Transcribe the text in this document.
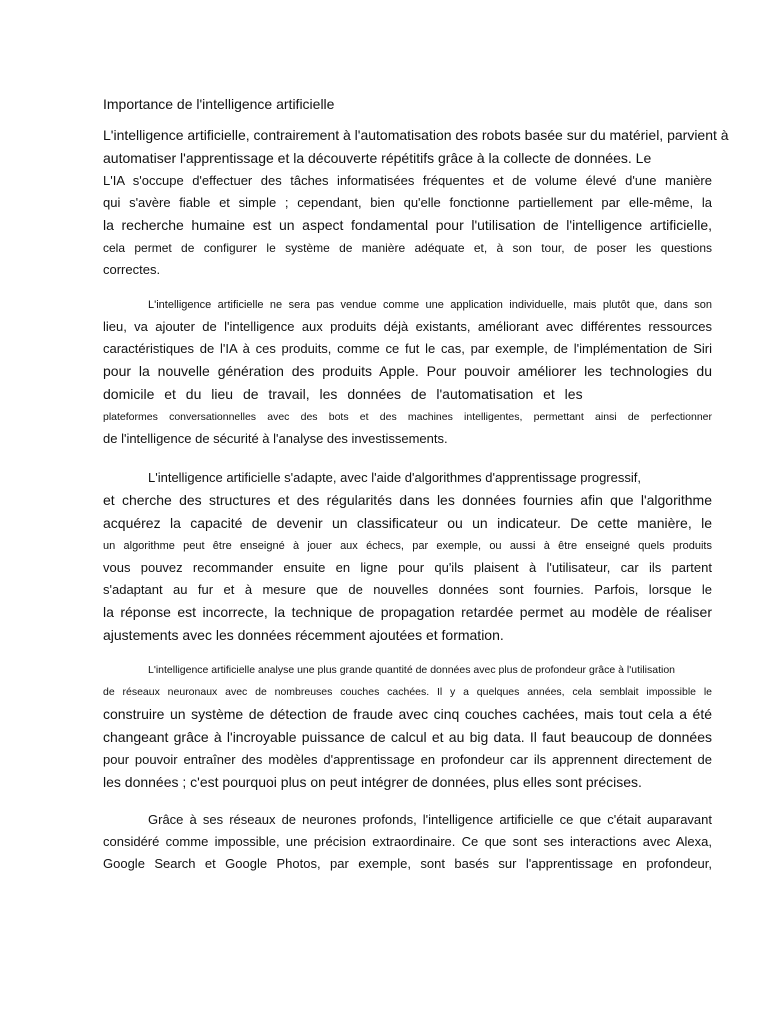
Importance de l'intelligence artificielle
L'intelligence artificielle, contrairement à l'automatisation des robots basée sur du matériel, parvient à
automatiser l'apprentissage et la découverte répétitifs grâce à la collecte de données. Le
L'IA s'occupe d'effectuer des tâches informatisées fréquentes et de volume élevé d'une manière
qui s'avère fiable et simple ; cependant, bien qu'elle fonctionne partiellement par elle-même, la
la recherche humaine est un aspect fondamental pour l'utilisation de l'intelligence artificielle,
cela permet de configurer le système de manière adéquate et, à son tour, de poser les questions
correctes.
L'intelligence artificielle ne sera pas vendue comme une application individuelle, mais plutôt que, dans son
lieu, va ajouter de l'intelligence aux produits déjà existants, améliorant avec différentes ressources
caractéristiques de l'IA à ces produits, comme ce fut le cas, par exemple, de l'implémentation de Siri
pour la nouvelle génération des produits Apple. Pour pouvoir améliorer les technologies du
domicile et du lieu de travail, les données de l'automatisation et les
plateformes conversationnelles avec des bots et des machines intelligentes, permettant ainsi de perfectionner
de l'intelligence de sécurité à l'analyse des investissements.
L'intelligence artificielle s'adapte, avec l'aide d'algorithmes d'apprentissage progressif,
et cherche des structures et des régularités dans les données fournies afin que l'algorithme
acquérez la capacité de devenir un classificateur ou un indicateur. De cette manière, le
un algorithme peut être enseigné à jouer aux échecs, par exemple, ou aussi à être enseigné quels produits
vous pouvez recommander ensuite en ligne pour qu'ils plaisent à l'utilisateur, car ils partent
s'adaptant au fur et à mesure que de nouvelles données sont fournies. Parfois, lorsque le
la réponse est incorrecte, la technique de propagation retardée permet au modèle de réaliser
ajustements avec les données récemment ajoutées et formation.
L'intelligence artificielle analyse une plus grande quantité de données avec plus de profondeur grâce à l'utilisation
de réseaux neuronaux avec de nombreuses couches cachées. Il y a quelques années, cela semblait impossible le
construire un système de détection de fraude avec cinq couches cachées, mais tout cela a été
changeant grâce à l'incroyable puissance de calcul et au big data. Il faut beaucoup de données
pour pouvoir entraîner des modèles d'apprentissage en profondeur car ils apprennent directement de
les données ; c'est pourquoi plus on peut intégrer de données, plus elles sont précises.
Grâce à ses réseaux de neurones profonds, l'intelligence artificielle ce que c'était auparavant
considéré comme impossible, une précision extraordinaire. Ce que sont ses interactions avec Alexa,
Google Search et Google Photos, par exemple, sont basés sur l'apprentissage en profondeur,
